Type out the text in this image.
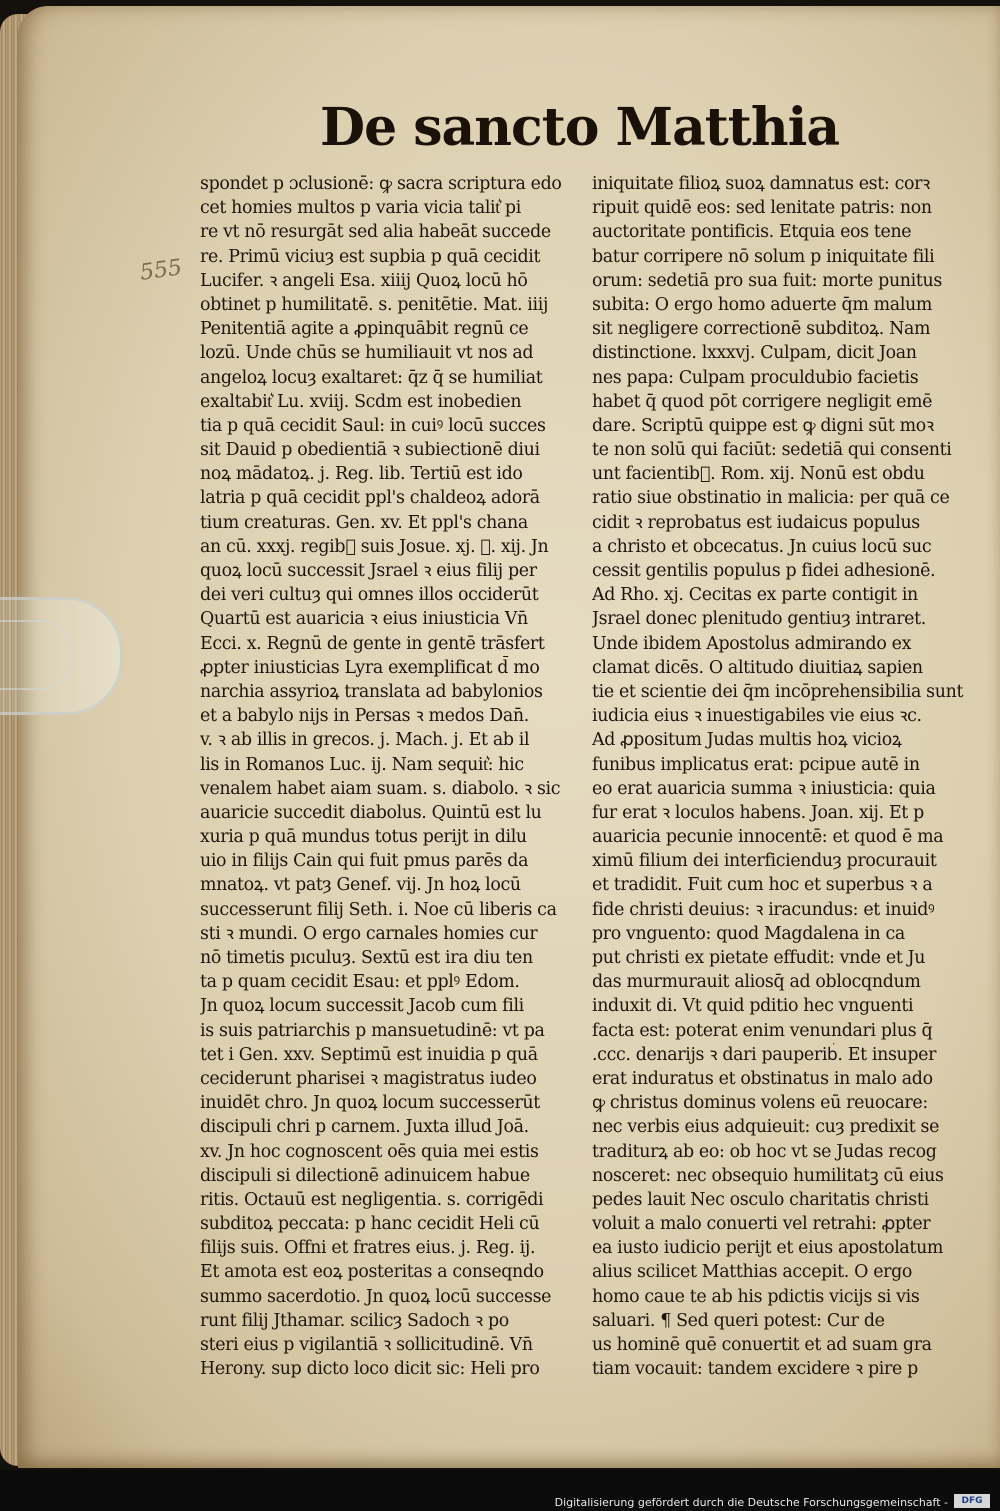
De sancto Matthia
555
spondet p ɔclusionē: ꝙ sacra scriptura edo
cet homies multos p varia vicia talit͛ pi
re vt nō resurgāt sed alia habeāt succede
re. Primū viciuȝ est supbia p quā cecidit
Lucifer. ꝛ angeli Esa. xiiij Quoꝝ locū hō
obtinet p humilitatē. s. penitētie. Mat. iiij
Penitentiā agite a ꝓpinquābit regnū ce
lozū. Unde chūs se humiliauit vt nos ad
angeloꝝ locuȝ exaltaret: q̄z q̄ se humiliat
exaltabit͛ Lu. xviij. Scdm est inobedien
tia p quā cecidit Saul: in cuiꝰ locū succes
sit Dauid p obedientiā ꝛ subiectionē diui
noꝝ mādatoꝝ. j. Reg. lib. Tertiū est ido
latria p quā cecidit ppl's chaldeoꝝ adorā
tium creaturas. Gen. xv. Et ppl's chana
an cū. xxxj. regib᷒ suis Josue. xj. ꝛ. xij. Jn
quoꝝ locū successit Jsrael ꝛ eius filij per
dei veri cultuȝ qui omnes illos occiderūt
Quartū est auaricia ꝛ eius iniusticia Vn̄
Ecci. x. Regnū de gente in gentē trāsfert
ꝓpter iniusticias Lyra exemplificat d̄ mo
narchia assyrioꝝ translata ad babylonios
et a babylo nijs in Persas ꝛ medos Dan̄.
v. ꝛ ab illis in grecos. j. Mach. j. Et ab il
lis in Romanos Luc. ij. Nam sequit͛: hic
venalem habet aiam suam. s. diabolo. ꝛ sic
auaricie succedit diabolus. Quintū est lu
xuria p quā mundus totus perijt in dilu
uio in filijs Cain qui fuit pmus parēs da
mnatoꝝ. vt patȝ Genef. vij. Jn hoꝝ locū
successerunt filij Seth. i. Noe cū liberis ca
sti ꝛ mundi. O ergo carnales homies cur
nō timetis pıculuȝ. Sextū est ira diu ten
ta p quam cecidit Esau: et pplꝰ Edom.
Jn quoꝝ locum successit Jacob cum fili
is suis patriarchis p mansuetudinē: vt pa
tet i Gen. xxv. Septimū est inuidia p quā
ceciderunt pharisei ꝛ magistratus iudeo
inuidēt chro. Jn quoꝝ locum successerūt
discipuli chri p carnem. Juxta illud Joā.
xv. Jn hoc cognoscent oēs quia mei estis
discipuli si dilectionē adinuicem habue
ritis. Octauū est negligentia. s. corrigēdi
subditoꝝ peccata: p hanc cecidit Heli cū
filijs suis. Offni et fratres eius. j. Reg. ij.
Et amota est eoꝝ posteritas a conseqndo
summo sacerdotio. Jn quoꝝ locū successe
runt filij Jthamar. scilicȝ Sadoch ꝛ po
steri eius p vigilantiā ꝛ sollicitudinē. Vn̄
Herony. sup dicto loco dicit sic: Heli pro
iniquitate filioꝝ suoꝝ damnatus est: corꝛ
ripuit quidē eos: sed lenitate patris: non
auctoritate pontificis. Etquia eos tene
batur corripere nō solum p iniquitate fili
orum: sedetiā pro sua fuit: morte punitus
subita: O ergo homo aduerte q̄m malum
sit negligere correctionē subditoꝝ. Nam
distinctione. lxxxvj. Culpam, dicit Joan
nes papa: Culpam proculdubio facietis
habet q̄ quod pōt corrigere negligit emē
dare. Scriptū quippe est ꝙ digni sūt moꝛ
te non solū qui faciūt: sedetiā qui consenti
unt facientib᷒. Rom. xij. Nonū est obdu
ratio siue obstinatio in malicia: per quā ce
cidit ꝛ reprobatus est iudaicus populus
a christo et obcecatus. Jn cuius locū suc
cessit gentilis populus p fidei adhesionē.
Ad Rho. xj. Cecitas ex parte contigit in
Jsrael donec plenitudo gentiuȝ intraret.
Unde ibidem Apostolus admirando ex
clamat dicēs. O altitudo diuitiaꝝ sapien
tie et scientie dei q̄m incōprehensibilia sunt
iudicia eius ꝛ inuestigabiles vie eius ꝛc.
Ad ꝓpositum Judas multis hoꝝ vicioꝝ
funibus implicatus erat: pcipue autē in
eo erat auaricia summa ꝛ iniusticia: quia
fur erat ꝛ loculos habens. Joan. xij. Et p
auaricia pecunie innocentē: et quod ē ma
ximū filium dei interficienduȝ procurauit
et tradidit. Fuit cum hoc et superbus ꝛ a
fide christi deuius: ꝛ iracundus: et inuidꝰ
pro vnguento: quod Magdalena in ca
put christi ex pietate effudit: vnde et Ju
das murmurauit aliosq̄ ad oblocqndum
induxit di. Vt quid pditio hec vnguenti
facta est: poterat enim venundari plus q̄
.ccc. denarijs ꝛ dari pauperib᷒. Et insuper
erat induratus et obstinatus in malo ado
ꝙ christus dominus volens eū reuocare:
nec verbis eius adquieuit: cuȝ predixit se
traditurꝝ ab eo: ob hoc vt se Judas recog
nosceret: nec obsequio humilitatꝫ cū eius
pedes lauit Nec osculo charitatis christi
voluit a malo conuerti vel retrahi: ꝓpter
ea iusto iudicio perijt et eius apostolatum
alius scilicet Matthias accepit. O ergo
homo caue te ab his pdictis vicijs si vis
saluari. ¶ Sed queri potest: Cur de
us hominē quē conuertit et ad suam gra
tiam vocauit: tandem excidere ꝛ pire p
Digitalisierung gefördert durch die Deutsche Forschungsgemeinschaft -	DFG
